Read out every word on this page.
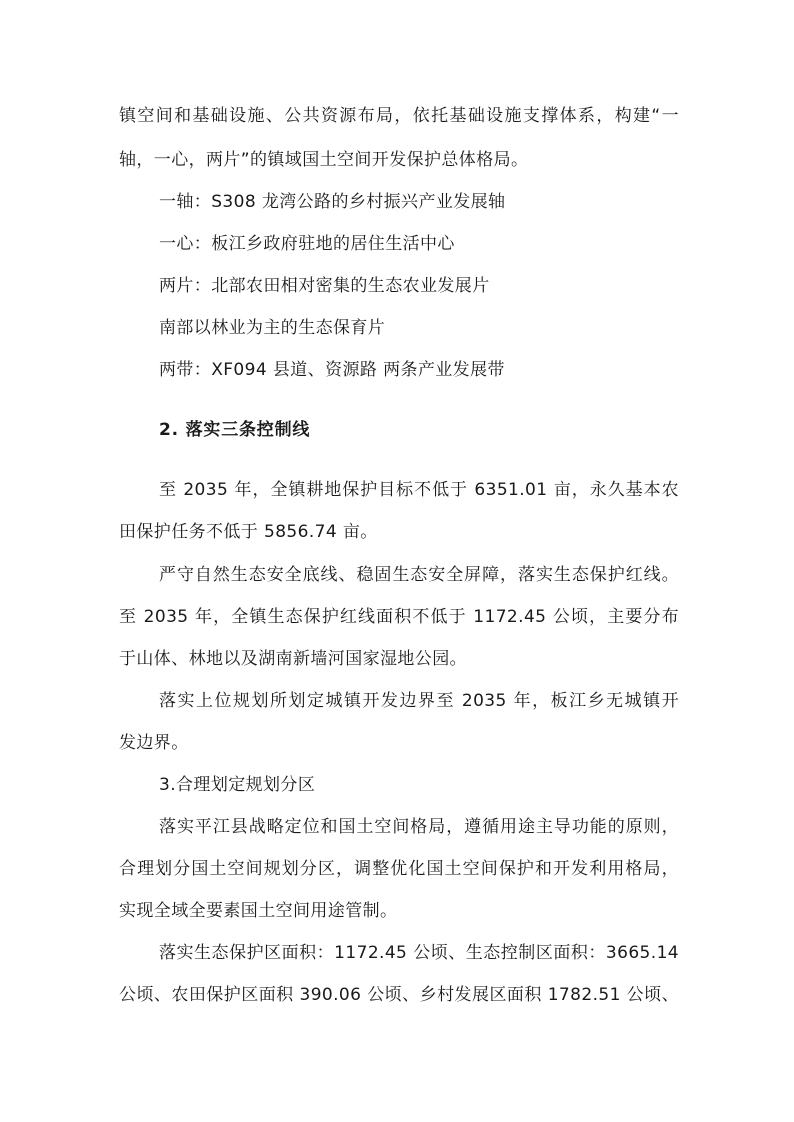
镇空间和基础设施、公共资源布局，依托基础设施支撑体系，构建“一
轴，一心，两片”的镇域国土空间开发保护总体格局。
一轴：S308 龙湾公路的乡村振兴产业发展轴
一心：板江乡政府驻地的居住生活中心
两片：北部农田相对密集的生态农业发展片
南部以林业为主的生态保育片
两带：XF094 县道、资源路 两条产业发展带
2. 落实三条控制线
至 2035 年，全镇耕地保护目标不低于 6351.01 亩，永久基本农
田保护任务不低于 5856.74 亩。
严守自然生态安全底线、稳固生态安全屏障，落实生态保护红线。
至 2035 年，全镇生态保护红线面积不低于 1172.45 公顷，主要分布
于山体、林地以及湖南新墙河国家湿地公园。
落实上位规划所划定城镇开发边界至 2035 年，板江乡无城镇开
发边界。
3.合理划定规划分区
落实平江县战略定位和国土空间格局，遵循用途主导功能的原则，
合理划分国土空间规划分区，调整优化国土空间保护和开发利用格局，
实现全域全要素国土空间用途管制。
落实生态保护区面积：1172.45 公顷、生态控制区面积：3665.14
公顷、农田保护区面积 390.06 公顷、乡村发展区面积 1782.51 公顷、
